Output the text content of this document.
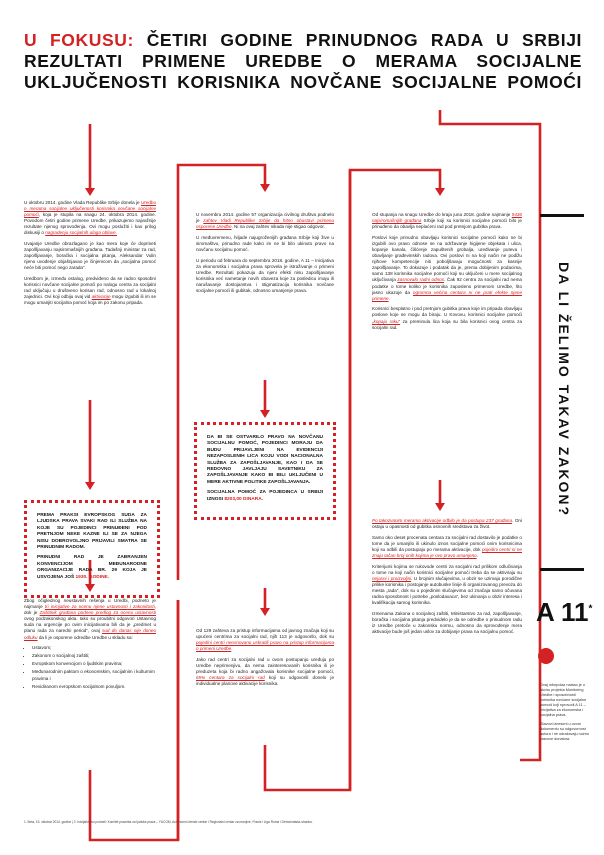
U FOKUSU: ČETIRI GODINE PRINUDNOG RADA U SRBIJI
REZULTATI PRIMENE UREDBE O MERAMA SOCIJALNE
UKLJUČENOSTI KORISNIKA NOVČANE SOCIJALNE POMOĆI

U oktobru 2014. godine Vlada Republike Srbije donela je Uredbu o merama socijalne uključenosti korisnika novčane socijalne pomoći, koja je stupila na snagu 24. oktobra 2014. godine. Povodom četiri godine primene Uredbe, prikazujemo najvažnije rezultate njenog sprovođenja. Ovi mogu poslužiti i kao prilog diskusiji o nagradenju socijalnih ulaga oblave.

Uvajanje Uredbe obrazlagano je kao mera koje će doprineti zapošljavanju najsiromašnijih građana. Tadašnji ministar za rad, zapošljavanje, boračka i socijalna pitanja, Aleksandar Vulin njeno uvođenje objašnjavao je činjenicom da „socijalna pomoć neće biti pomoć nego zarada“.

Uredbom je, između ostalog, predviđeno da se radno sposobni korisnici novčane socijalne pomoći po nalogu centra za socijalni rad uključuju u društveno korisan rad, odnosno rad u lokalnoj zajednici. Ovi koji odbiju ovaj vid aktivacije mogu izgubiti ili im se mogu umanjiti socijalna pomoć koja im po zakonu pripada.

PREMA PRAKSI EVROPSKOG SUDA ZA LJUDSKA PRAVA SVAKI RAD ILI SLUŽBA NA KOJE SU POJEDINCI PRINUĐENI POD PRETNJOM NEKE KAZNE ILI SE ZA NJEGA NISU DOBROVOLJNO PRIJAVILI SMATRA SE PRINUDNIM RADOM.

PRINUDNI RAD JE ZABRANJEN KONVENCIJOM MEĐUNARODNE ORGANIZACIJE RADA BR. 29 KOJA JE USVOJENA JOŠ 1930. GODINE.

Zbog očiglednog neustavnih rešenja u Uredbi, podneto je najmanje tri inicijative za ocenu njene ustavnosti i zakonitosti, dok je Zaštitnik građana podneo predlog za ocenu ustavnosti ovog podzakonskog akta. Iako su proubitni odgovori Ustavnog suda na urgencije po ovim inicijativama bili da je „predmet u planu rada za naredni period“, ovaj sud do danas nije doneo odluku da li je osporene odredbe Uredbe u skladu sa:

• Ustavom;
• Zakonom o socijalnoj zaštiti;
• Evropskom konvencijom o ljudskim pravima;
• Međunarodnim paktom o ekonomskim, socijalnim i kulturnim pravima i
• Revidiranom evropskom socijalnom povuljom.

U novembru 2014. godine 57 organizacija civilnog društva podnelo je zahtev Vladi Republike Srbije da hitno obustavi primenu osporene Uredbe. Ni na ovaj zahtev nikada nije stigao odgovor.

U međuvremenu, hiljade najugroženijih građana Srbije koji žive u siromaštvu, prinudno rade kako im ne bi bilo ukinuto pravo na novčanu socijalnu pomoć.

U periodu od februara do septembra 2018. godine, A 11 – Inicijativa za ekonomska i socijalna prava sprovela je istraživanje o primeni Uredbe. Rezultati pokazuju da njeni efekti nisu zapošljavanje korisnika već nametanje novih obaveza koje za posledicu imaju ili narušavanje dostojanstva i stigmatizaciju korisnika novčane socijalne pomoći ili gubitak, odnosno umanjenje prava.

DA BI SE OSTVARILO PRAVO NA NOVČANU SOCIJALNU POMOĆ, POJEDINCI MORAJU DA BUDU PRIJAVLJENI NA EVIDENCIJI NEZAPOSLENIH LICA KOJU VODI NACIONALNA SLUŽBA ZA ZAPOŠLJAVANJE, KAO I DA SE REDOVNO JAVLJAJU SAVETNIKU ZA ZAPOŠLJAVANJE KAKO BI BILI UKLJUČENI U MERE AKTIVNE POLITIKE ZAPOŠLJAVANJA.

SOCIJALNA POMOĆ ZA POJEDINCA U SRBIJI IZNOSI 8203,00 DINARA.

Od 129 zahteva za pristup informacijama od javnog značaja koji su upućeni centrima za socijalni rad, njih 113 je odgovorilo, dok su pojedini centri neosnovano uskratili pravo na pristup informacijama o primeni Uredbe.

Jako rad centri za socijalni rad u ovom postupanju uređuju po Uredbe neprimenjivu, da nema zainteresovanih korisnika ili je preduzeta koja bi radno angažovala korisnike socijalne pomoći, 65% centara za socijalni rad koji su odgovorili donelo je individualne planove aktivacije korisnika.

Od stupanja na snagu Uredbe do kraja juna 2018. godine najmanje 9436 najsiromašnijih građana Srbije koji su korisnici socijalne pomoći bilo je prinuđeno da obavlja neplaćeni rad pod pretnjom gubitka prava.

Poslovi koje prinudno obavljaju korisnici socijalne pomoći kako ne bi izgubili ovo pravo odnose se na održavanje higijene objekata i ulica, kopanje kanala, čišćenje zapuštenih grobalja, uređivanje puteva i obavljanje građevinskih radova. Ovi poslovi ni na koji način ne podižu njihove kompetencije niti poboljšavaju mogućnosti za kasnije zapošljavanje. To dokazuje i podatak da je, prema dobijenim podacima, samo 138 korisnika socijalne pomoći koji su uključeni u mere socijalnog uključivanja zasnovalo radni odnos. Čak 92 centra za socijalni rad nema podatke o tome koliko je korisnika zaposleno primenom Uredbe, što jasno ukazuje da ogromna većina centara ni ne prati efekte njene primene.

Korisnici besplatno i pod pretnjom gubitka prava koje im pripada obavljaju poslove koje ne mogu da biraju. U Kovovu, korisnici socijalne pomoći „kopaju raku“ za preminula lica koja su bila korisnici ovog centra za socijalni rad.

Po takozvanim merama aktivacije odbilo je da postupa 237 građana. Oni ostaju u opasnosti od gubitka osnovnih sredstava za život.

Samo oko deset procenata centara za socijalni rad dostavilo je podatke o tome da je umanjilo ili ukinulo iznos socijalne pomoći onim korisnicima koji su odbili da postupaju po merama aktivacije, dok pojedini centri ni ne znaju tačan broj onih kojima je ovo pravo umanjeno.

Kriterijumi kojima se rukovode centri za socijalni rad prilikom odlučivanja o tome na koji način korisnici socijalne pomoći treba da se aktiviraju su nejasni i proizvoljni. U brojnim slučajevima, u obzir se uzimaju porodične prilike korisnika i postojanje autobuske linije ili organizovanog prevoza do mesta „rada“, dok su u pojedinim slučajevima od značaja samo očuvana radna sposobnost i potrebe „poslodavaca“, bez ukinanja u obzir interesa i kvalifikacija samog korisnika.

Izmenama Zakona o socijalnoj zaštiti, Ministarstvo za rad, zapošljavanje, boračka i socijalna pitanja predvidelo je da se odredbe o prinudnom radu iz Uredbe pretoče u zakonsku normu, odnosno da sprovođenje mera aktivacije bude još jedan uslov za dobijanje prava na socijalnu pomoć.

DA LI ŽELIMO TAKAV ZAKON?
A 11*

Ovaj inforpolaz nastao je u okviru projekta Monitoring Uredbe i sposobnosti korisnika novčane socijalne pomoći koji sprovodi A 11 – Inicijativa za ekonomska i socijalna prava.

Stavovi izneseni u ovom dokumentu su odgovornost autora i ne odražavaju nužno stavove donatora.

1. Beta, 15. oktobar 2014. godine | 2. Inicijative su podneli: Komitet pravnika za ljudska prava – YUCOM, Autonomni ženski centar i Regionalni centar za manjine, Praxis i Liga Roma i Demokratska stranka.
